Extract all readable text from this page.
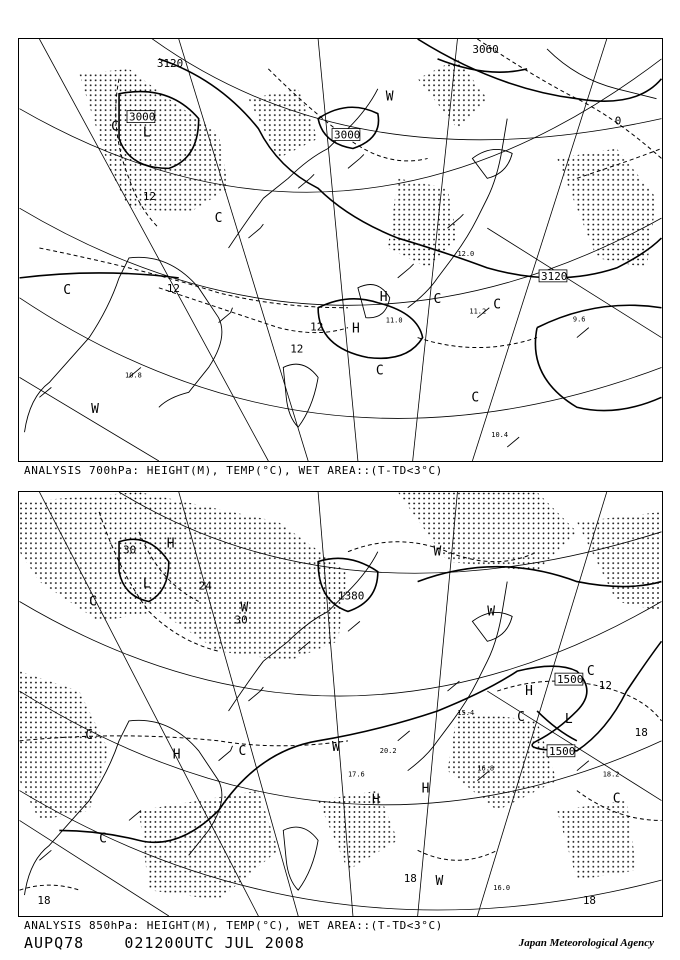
3120
3000
3060
3000
3120
12
12
12
12
0
L
H
H
W
W
C
C
C
C	C
C
C
11.2
10.4
10.8
9.6
12.0
11.0
ANALYSIS 700hPa: HEIGHT(M), TEMP(°C), WET AREA::(T-TD<3°C)
1500
1500
1380
30
30
12
18
18
18
18
24
L
L
H
H
H
H
H
W
W
W
W
W
C
C
C
C
C
C
C
16.8
18.2
16.0
15.4
20.2
17.6
ANALYSIS 850hPa: HEIGHT(M), TEMP(°C), WET AREA::(T-TD<3°C)
AUPQ78	021200UTC JUL 2008	Japan Meteorological Agency
